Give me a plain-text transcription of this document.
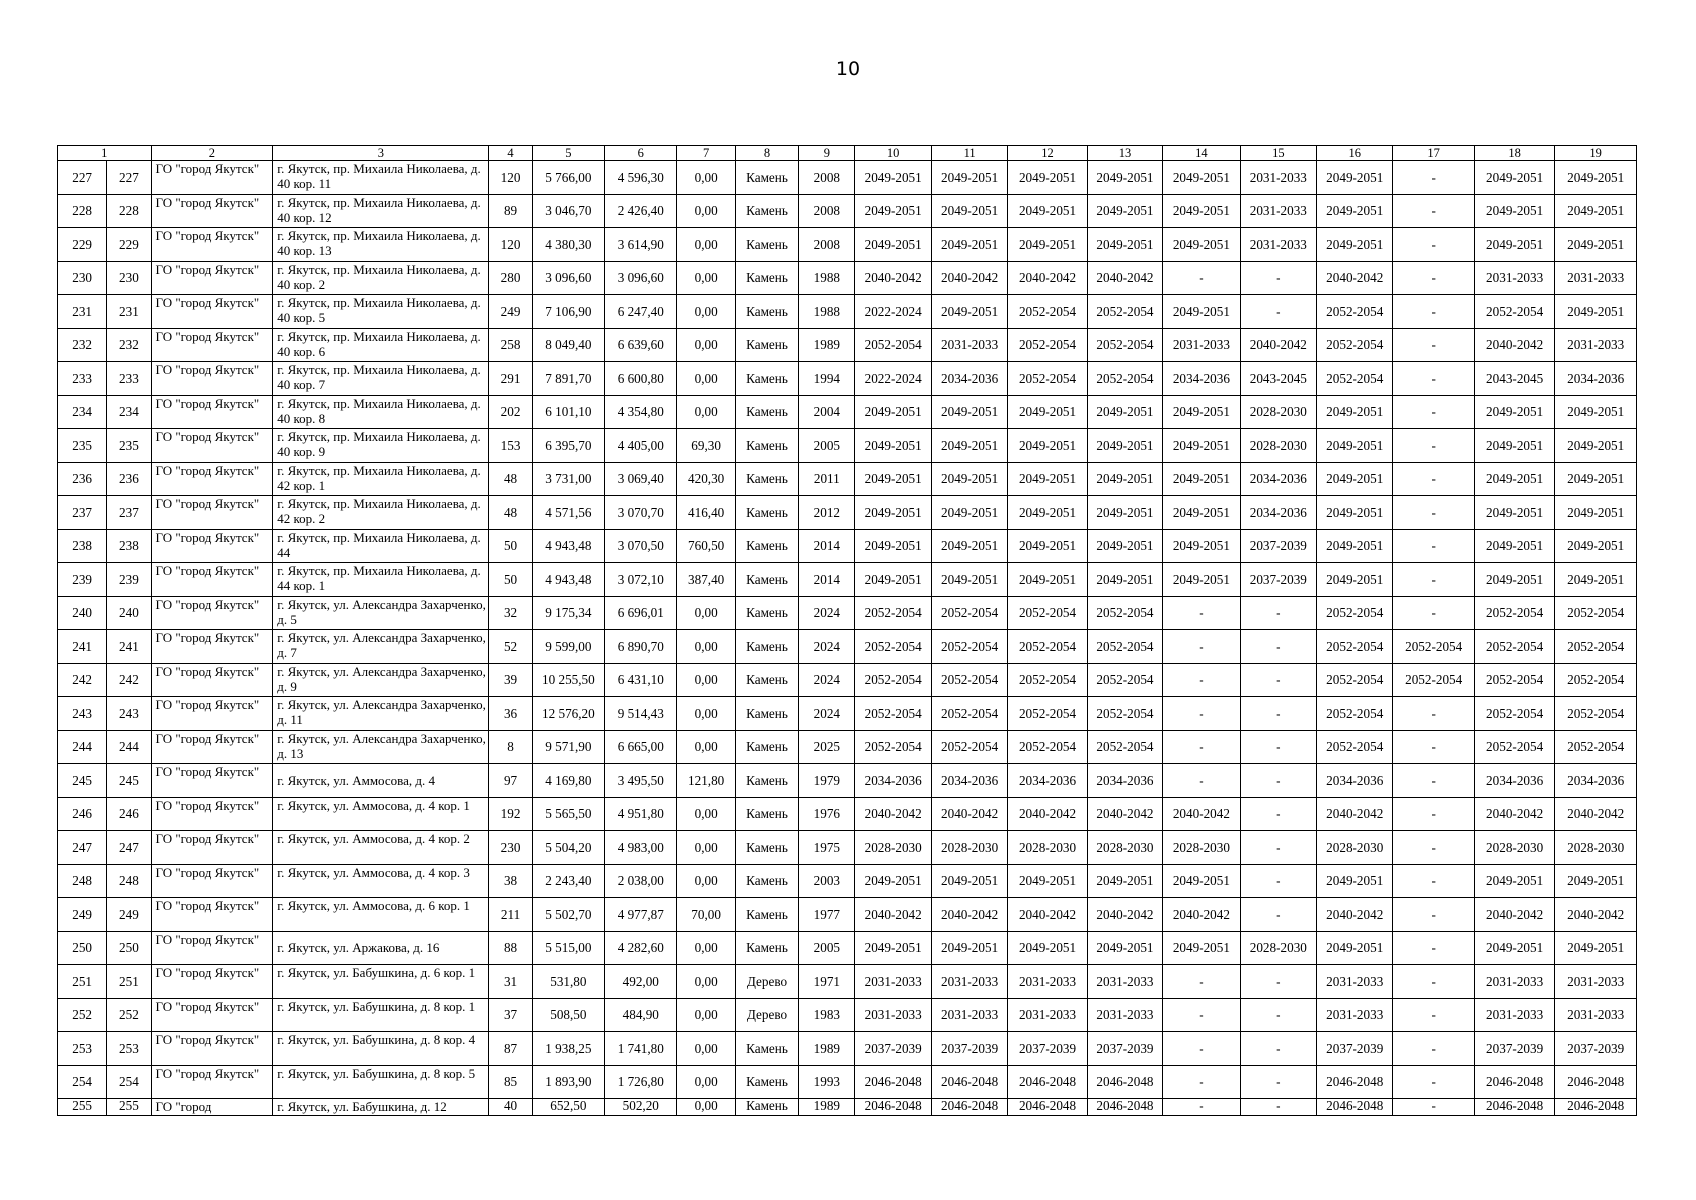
10
1		2	3	4	5	6	7	8	9	10	11	12	13	14	15	16	17	18	19
227	227	ГО "город Якутск"	г. Якутск, пр. Михаила Николаева, д. 40 кор. 11	120	5 766,00	4 596,30	0,00	Камень	2008	2049-2051	2049-2051	2049-2051	2049-2051	2049-2051	2031-2033	2049-2051	-	2049-2051	2049-2051
228	228	ГО "город Якутск"	г. Якутск, пр. Михаила Николаева, д. 40 кор. 12	89	3 046,70	2 426,40	0,00	Камень	2008	2049-2051	2049-2051	2049-2051	2049-2051	2049-2051	2031-2033	2049-2051	-	2049-2051	2049-2051
229	229	ГО "город Якутск"	г. Якутск, пр. Михаила Николаева, д. 40 кор. 13	120	4 380,30	3 614,90	0,00	Камень	2008	2049-2051	2049-2051	2049-2051	2049-2051	2049-2051	2031-2033	2049-2051	-	2049-2051	2049-2051
230	230	ГО "город Якутск"	г. Якутск, пр. Михаила Николаева, д. 40 кор. 2	280	3 096,60	3 096,60	0,00	Камень	1988	2040-2042	2040-2042	2040-2042	2040-2042	-	-	2040-2042	-	2031-2033	2031-2033
231	231	ГО "город Якутск"	г. Якутск, пр. Михаила Николаева, д. 40 кор. 5	249	7 106,90	6 247,40	0,00	Камень	1988	2022-2024	2049-2051	2052-2054	2052-2054	2049-2051	-	2052-2054	-	2052-2054	2049-2051
232	232	ГО "город Якутск"	г. Якутск, пр. Михаила Николаева, д. 40 кор. 6	258	8 049,40	6 639,60	0,00	Камень	1989	2052-2054	2031-2033	2052-2054	2052-2054	2031-2033	2040-2042	2052-2054	-	2040-2042	2031-2033
233	233	ГО "город Якутск"	г. Якутск, пр. Михаила Николаева, д. 40 кор. 7	291	7 891,70	6 600,80	0,00	Камень	1994	2022-2024	2034-2036	2052-2054	2052-2054	2034-2036	2043-2045	2052-2054	-	2043-2045	2034-2036
234	234	ГО "город Якутск"	г. Якутск, пр. Михаила Николаева, д. 40 кор. 8	202	6 101,10	4 354,80	0,00	Камень	2004	2049-2051	2049-2051	2049-2051	2049-2051	2049-2051	2028-2030	2049-2051	-	2049-2051	2049-2051
235	235	ГО "город Якутск"	г. Якутск, пр. Михаила Николаева, д. 40 кор. 9	153	6 395,70	4 405,00	69,30	Камень	2005	2049-2051	2049-2051	2049-2051	2049-2051	2049-2051	2028-2030	2049-2051	-	2049-2051	2049-2051
236	236	ГО "город Якутск"	г. Якутск, пр. Михаила Николаева, д. 42 кор. 1	48	3 731,00	3 069,40	420,30	Камень	2011	2049-2051	2049-2051	2049-2051	2049-2051	2049-2051	2034-2036	2049-2051	-	2049-2051	2049-2051
237	237	ГО "город Якутск"	г. Якутск, пр. Михаила Николаева, д. 42 кор. 2	48	4 571,56	3 070,70	416,40	Камень	2012	2049-2051	2049-2051	2049-2051	2049-2051	2049-2051	2034-2036	2049-2051	-	2049-2051	2049-2051
238	238	ГО "город Якутск"	г. Якутск, пр. Михаила Николаева, д. 44	50	4 943,48	3 070,50	760,50	Камень	2014	2049-2051	2049-2051	2049-2051	2049-2051	2049-2051	2037-2039	2049-2051	-	2049-2051	2049-2051
239	239	ГО "город Якутск"	г. Якутск, пр. Михаила Николаева, д. 44 кор. 1	50	4 943,48	3 072,10	387,40	Камень	2014	2049-2051	2049-2051	2049-2051	2049-2051	2049-2051	2037-2039	2049-2051	-	2049-2051	2049-2051
240	240	ГО "город Якутск"	г. Якутск, ул. Александра Захарченко, д. 5	32	9 175,34	6 696,01	0,00	Камень	2024	2052-2054	2052-2054	2052-2054	2052-2054	-	-	2052-2054	-	2052-2054	2052-2054
241	241	ГО "город Якутск"	г. Якутск, ул. Александра Захарченко, д. 7	52	9 599,00	6 890,70	0,00	Камень	2024	2052-2054	2052-2054	2052-2054	2052-2054	-	-	2052-2054	2052-2054	2052-2054	2052-2054
242	242	ГО "город Якутск"	г. Якутск, ул. Александра Захарченко, д. 9	39	10 255,50	6 431,10	0,00	Камень	2024	2052-2054	2052-2054	2052-2054	2052-2054	-	-	2052-2054	2052-2054	2052-2054	2052-2054
243	243	ГО "город Якутск"	г. Якутск, ул. Александра Захарченко, д. 11	36	12 576,20	9 514,43	0,00	Камень	2024	2052-2054	2052-2054	2052-2054	2052-2054	-	-	2052-2054	-	2052-2054	2052-2054
244	244	ГО "город Якутск"	г. Якутск, ул. Александра Захарченко, д. 13	8	9 571,90	6 665,00	0,00	Камень	2025	2052-2054	2052-2054	2052-2054	2052-2054	-	-	2052-2054	-	2052-2054	2052-2054
245	245	ГО "город Якутск"	г. Якутск, ул. Аммосова, д. 4	97	4 169,80	3 495,50	121,80	Камень	1979	2034-2036	2034-2036	2034-2036	2034-2036	-	-	2034-2036	-	2034-2036	2034-2036
246	246	ГО "город Якутск"	г. Якутск, ул. Аммосова, д. 4 кор. 1	192	5 565,50	4 951,80	0,00	Камень	1976	2040-2042	2040-2042	2040-2042	2040-2042	2040-2042	-	2040-2042	-	2040-2042	2040-2042
247	247	ГО "город Якутск"	г. Якутск, ул. Аммосова, д. 4 кор. 2	230	5 504,20	4 983,00	0,00	Камень	1975	2028-2030	2028-2030	2028-2030	2028-2030	2028-2030	-	2028-2030	-	2028-2030	2028-2030
248	248	ГО "город Якутск"	г. Якутск, ул. Аммосова, д. 4 кор. 3	38	2 243,40	2 038,00	0,00	Камень	2003	2049-2051	2049-2051	2049-2051	2049-2051	2049-2051	-	2049-2051	-	2049-2051	2049-2051
249	249	ГО "город Якутск"	г. Якутск, ул. Аммосова, д. 6 кор. 1	211	5 502,70	4 977,87	70,00	Камень	1977	2040-2042	2040-2042	2040-2042	2040-2042	2040-2042	-	2040-2042	-	2040-2042	2040-2042
250	250	ГО "город Якутск"	г. Якутск, ул. Аржакова, д. 16	88	5 515,00	4 282,60	0,00	Камень	2005	2049-2051	2049-2051	2049-2051	2049-2051	2049-2051	2028-2030	2049-2051	-	2049-2051	2049-2051
251	251	ГО "город Якутск"	г. Якутск, ул. Бабушкина, д. 6 кор. 1	31	531,80	492,00	0,00	Дерево	1971	2031-2033	2031-2033	2031-2033	2031-2033	-	-	2031-2033	-	2031-2033	2031-2033
252	252	ГО "город Якутск"	г. Якутск, ул. Бабушкина, д. 8 кор. 1	37	508,50	484,90	0,00	Дерево	1983	2031-2033	2031-2033	2031-2033	2031-2033	-	-	2031-2033	-	2031-2033	2031-2033
253	253	ГО "город Якутск"	г. Якутск, ул. Бабушкина, д. 8 кор. 4	87	1 938,25	1 741,80	0,00	Камень	1989	2037-2039	2037-2039	2037-2039	2037-2039	-	-	2037-2039	-	2037-2039	2037-2039
254	254	ГО "город Якутск"	г. Якутск, ул. Бабушкина, д. 8 кор. 5	85	1 893,90	1 726,80	0,00	Камень	1993	2046-2048	2046-2048	2046-2048	2046-2048	-	-	2046-2048	-	2046-2048	2046-2048
255	255	ГО "город	г. Якутск, ул. Бабушкина, д. 12	40	652,50	502,20	0,00	Камень	1989	2046-2048	2046-2048	2046-2048	2046-2048	-	-	2046-2048	-	2046-2048	2046-2048
